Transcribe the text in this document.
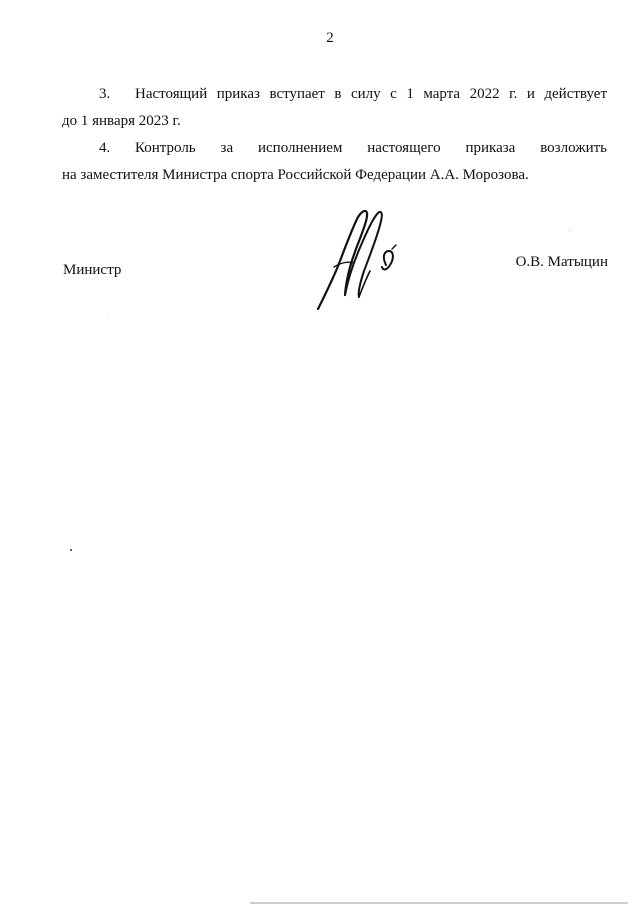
2
3. Настоящий приказ вступает в силу с 1 марта 2022 г. и действует
до 1 января 2023 г.
4. Контроль за исполнением настоящего приказа возложить
на заместителя Министра спорта Российской Федерации А.А. Морозова.
Министр	О.В. Матыцин
